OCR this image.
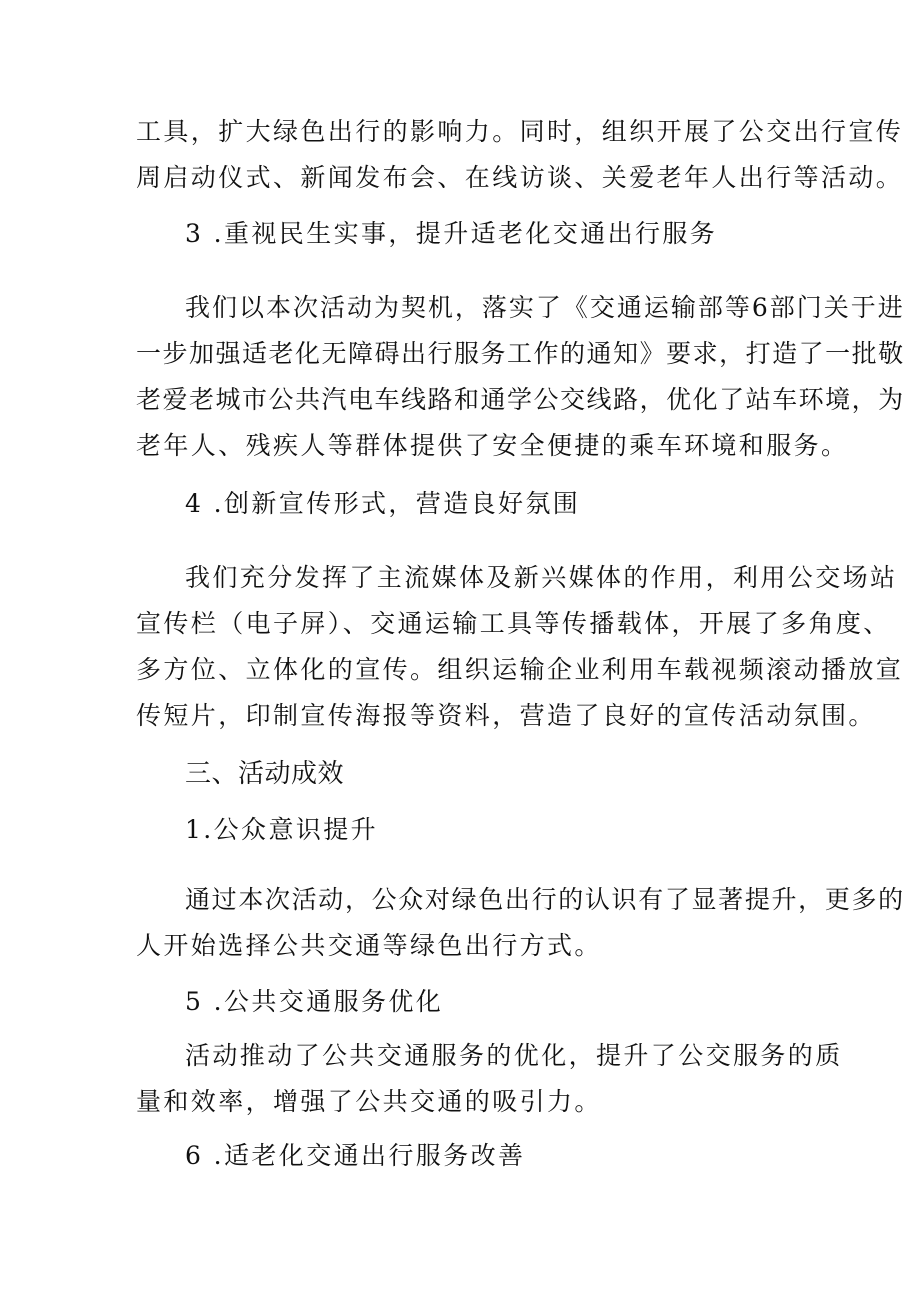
工具，扩大绿色出行的影响力。同时，组织开展了公交出行宣传
周启动仪式、新闻发布会、在线访谈、关爱老年人出行等活动。
3 .重视民生实事，提升适老化交通出行服务
我们以本次活动为契机，落实了《交通运输部等6部门关于进
一步加强适老化无障碍出行服务工作的通知》要求，打造了一批敬
老爱老城市公共汽电车线路和通学公交线路，优化了站车环境，为
老年人、残疾人等群体提供了安全便捷的乘车环境和服务。
4 .创新宣传形式，营造良好氛围
我们充分发挥了主流媒体及新兴媒体的作用，利用公交场站
宣传栏（电子屏）、交通运输工具等传播载体，开展了多角度、
多方位、立体化的宣传。组织运输企业利用车载视频滚动播放宣
传短片，印制宣传海报等资料，营造了良好的宣传活动氛围。
三、活动成效
1.公众意识提升
通过本次活动，公众对绿色出行的认识有了显著提升，更多的
人开始选择公共交通等绿色出行方式。
5 .公共交通服务优化
活动推动了公共交通服务的优化，提升了公交服务的质
量和效率，增强了公共交通的吸引力。
6 .适老化交通出行服务改善
